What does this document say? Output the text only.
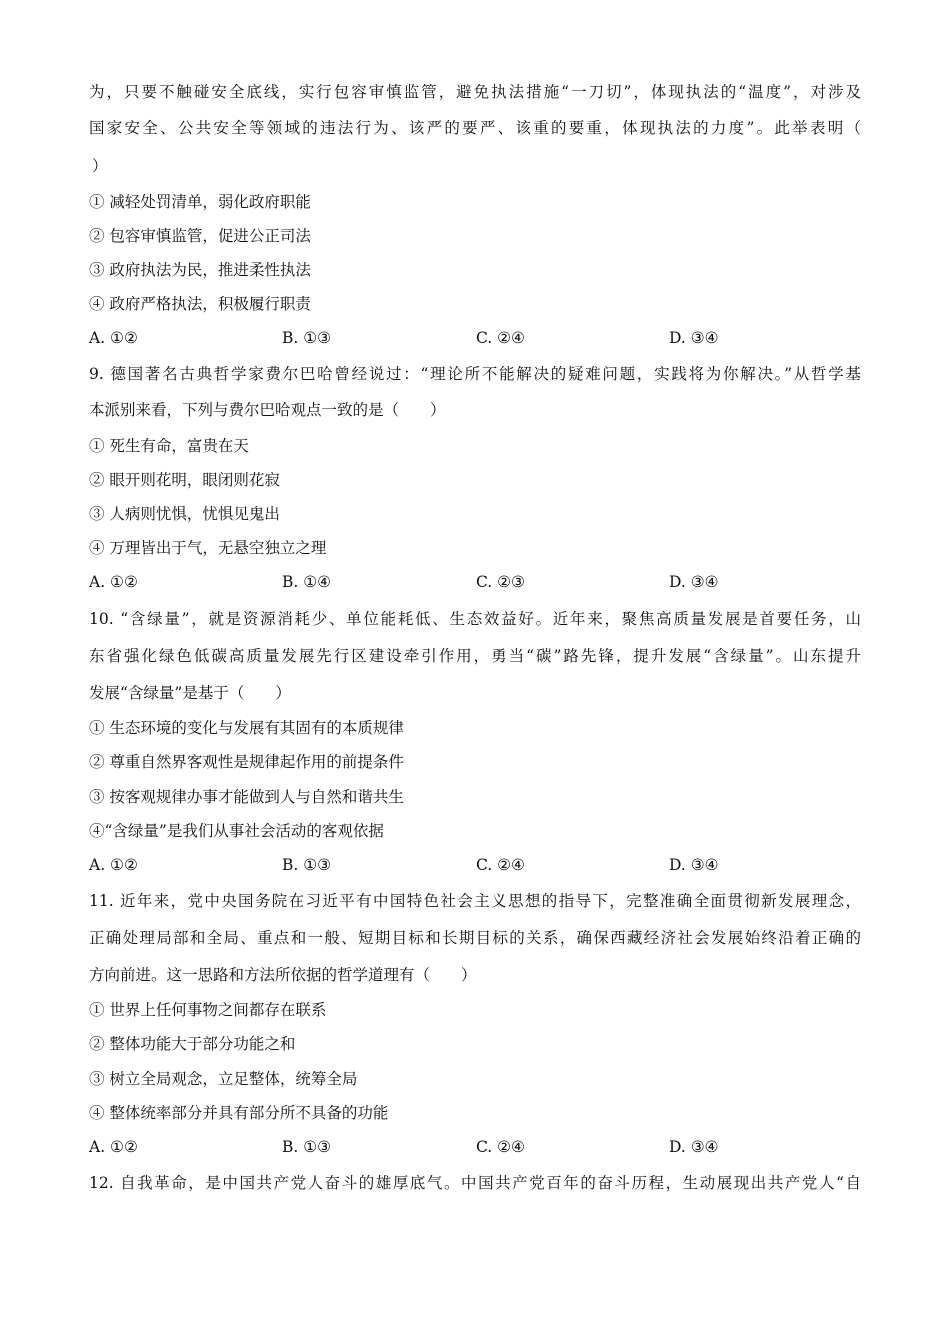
为，只要不触碰安全底线，实行包容审慎监管，避免执法措施“一刀切”，体现执法的“温度”，对涉及
国家安全、公共安全等领域的违法行为、该严的要严、该重的要重，体现执法的力度”。此举表明（
）
① 减轻处罚清单，弱化政府职能
② 包容审慎监管，促进公正司法
③ 政府执法为民，推进柔性执法
④ 政府严格执法，积极履行职责
A. ①②	B. ①③	C. ②④	D. ③④
9. 德国著名古典哲学家费尔巴哈曾经说过：“理论所不能解决的疑难问题，实践将为你解决。”从哲学基
本派别来看，下列与费尔巴哈观点一致的是（　　）
① 死生有命，富贵在天
② 眼开则花明，眼闭则花寂
③ 人病则忧惧，忧惧见鬼出
④ 万理皆出于气，无悬空独立之理
A. ①②	B. ①④	C. ②③	D. ③④
10. “含绿量”，就是资源消耗少、单位能耗低、生态效益好。近年来，聚焦高质量发展是首要任务，山
东省强化绿色低碳高质量发展先行区建设牵引作用，勇当“碳”路先锋，提升发展“含绿量”。山东提升
发展“含绿量”是基于（　　）
① 生态环境的变化与发展有其固有的本质规律
② 尊重自然界客观性是规律起作用的前提条件
③ 按客观规律办事才能做到人与自然和谐共生
④“含绿量”是我们从事社会活动的客观依据
A. ①②	B. ①③	C. ②④	D. ③④
11. 近年来，党中央国务院在习近平有中国特色社会主义思想的指导下，完整准确全面贯彻新发展理念，
正确处理局部和全局、重点和一般、短期目标和长期目标的关系，确保西藏经济社会发展始终沿着正确的
方向前进。这一思路和方法所依据的哲学道理有（　　）
① 世界上任何事物之间都存在联系
② 整体功能大于部分功能之和
③ 树立全局观念，立足整体，统筹全局
④ 整体统率部分并具有部分所不具备的功能
A. ①②	B. ①③	C. ②④	D. ③④
12. 自我革命，是中国共产党人奋斗的雄厚底气。中国共产党百年的奋斗历程，生动展现出共产党人“自
